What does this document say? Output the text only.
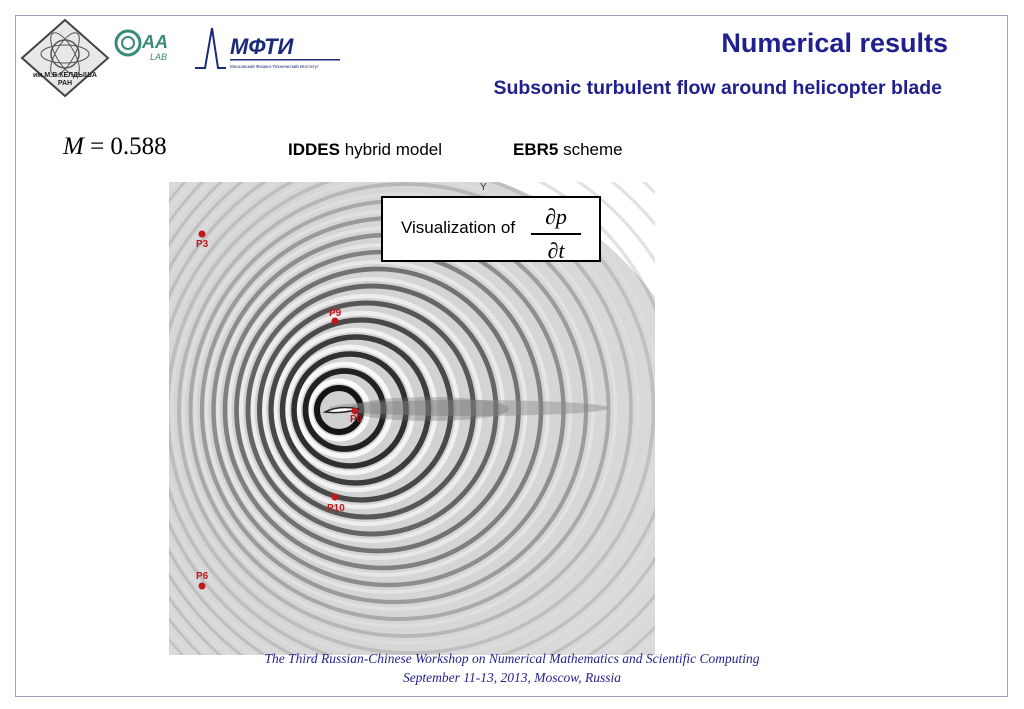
им.М.В.КЕЛДЫША
РАН
AA
LAB	МФТИ
Московский Физико-Технический Институт
Numerical results
Subsonic turbulent flow around helicopter blade
M = 0.588	IDDES hybrid model	EBR5 scheme
P3
P9
P0
P10
P6
Y
Visualization of	∂p
∂t
The Third Russian-Chinese Workshop on Numerical Mathematics and Scientific Computing
September 11-13, 2013, Moscow, Russia
